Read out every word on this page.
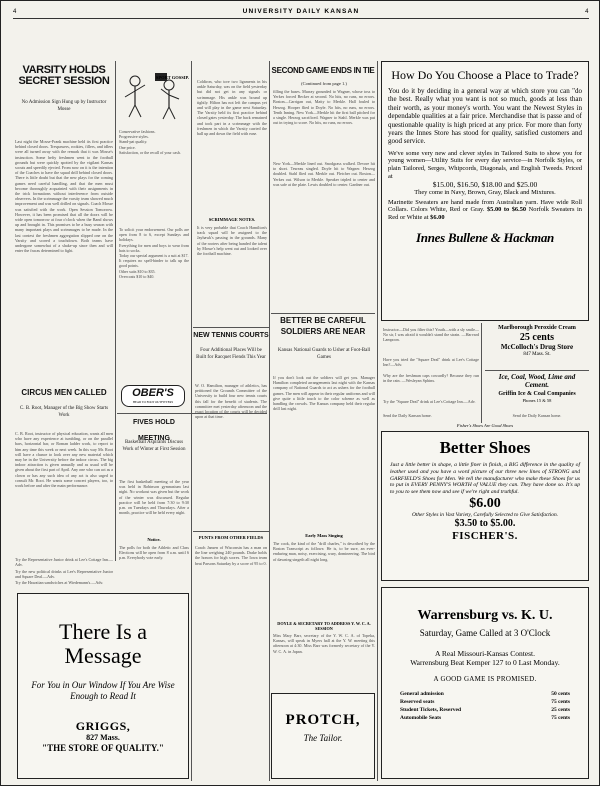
4	UNIVERSITY DAILY KANSAN	4
VARSITY HOLDS SECRET SESSION
No Admission Sign Hung up by Instructor Mosse
Last night the Mosse-Frank machine held its first practice behind closed doors. Trespassers, rookies, fillers, and idlers were all turned away with the remark that it was Mosse's instruction. Some hefty freshmen went to the football grounds but were quickly spotted by the vigilant Kansas scouts and speedily ejected. From now on it is the intention of the Coaches to have the squad drill behind closed doors. There is little doubt but that the new plays for the coming games need careful handling, and that the men must become thoroughly acquainted with their assignments in the trick formations without interference from outside observers. In the scrimmage the varsity team showed much improvement and was well drilled on signals. Coach Mosse was satisfied with the work. Open Session Tomorrow. However, it has been promised that all the doors will be wide open tomorrow at four o'clock when the Band shows up and brought in. This promises to be a busy season with many important plays and scrimmages to be made. In the last contest the freshmen aggregation slipped one on the Varsity and scored a touchdown. Both teams have undergone somewhat of a shake-up since then and will enter the fracas determined to fight.
CIRCUS MEN CALLED
C. B. Root, Manager of the Big Show Starts Work
C. B. Root, instructor of physical education, wants all men who have any experience at tumbling, or on the parallel bars, horizontal bar, or Roman ladder work, to report to him any time this week or next week. In this way Mr. Root will have a chance to look over any new material which may be in the University before the indoor circus. The big indoor attraction is given annually and as usual will be given about the first part of April. Any one who can act as a clown or has any such idea of any act is also urged to consult Mr. Root. He wants some concert players, too, to work before and after the main performance.
Try the Representative Junior drink at Lee's Cottage Inn.—Adv.
Try the new political drinks at Lee's Representative Junior and Square Deal.—Adv.
Try the Hawaiian sandwiches at Wiedemann's.—Adv.
SPORT GOSSIP.
Conservative fashions.
Progressive styles.
Stand-pat quality.
One price.
Satisfaction, or the recall of your cash.
Coldiron, who tore two ligaments in his ankle Saturday, was on the field yesterday but did not get in any signals or scrimmage. His ankle was bound up tightly. Hilton has not left the campus yet and will play in the game next Saturday. The Varsity held its first practice behind closed gates yesterday. The back remained and took part in a scrimmage with the freshmen in which the Varsity carried the ball up and down the field with ease.
SCRIMMAGE NOTES.
It is very probable that Coach Hamilton's track squad will be assigned to the Jayhawk's passing in the grounds. Many of the rooters after being handed the talent by Mosse's help went out and looked over the football machine.
To solicit your endorsement. Our polls are open from 8 to 6, except Sundays and holidays.
Everything for men and boys to wear from hats to socks.
Today our special argument is a suit at $17.
It requires no spell-binder to talk up the good points.
Other suits $10 to $35.
Overcoats $10 to $40.
OBER'S
HEAD TO FOOT OUTFITTERS
FIVES HOLD MEETING
Basketball Aspirants Discuss Work of Winter at First Session
The first basketball meeting of the year was held in Robinson gymnasium last night. No workout was given but the work of the winter was discussed. Regular practice will be held from 7:30 to 9:30 p.m. on Tuesdays and Thursdays. After a month, practice will be held every night.
Notice.
The polls for both the Athletic and Class Elections will be open from 8 a.m. until 6 p.m. Everybody vote early.
There Is a Message
For You in Our Window If You Are Wise Enough to Read It
GRIGGS,
827 Mass.
"THE STORE OF QUALITY."
SECOND GAME ENDS IN TIE
(Continued from page 1.)
filling the bases. Murray grounded to Wagner, whose toss to Yerkes forced Becker at second. No hits, no runs, no errors. Boston—Carrigan out, Matty to Merkle. Hall fouled to Herzog. Hooper flied to Doyle. No hits, no runs, no errors. Tenth Inning. New York—Merkle hit the first ball pitched for a single. Herzog sacrificed. Wagner to Stahl. Merkle was put out in trying to score. No hits, no runs, no errors.
New York—Merkle lined out. Snodgrass walked. Devore hit to short. Tesreau singled. Doyle hit to Wagner. Herzog doubled. Stahl flied out. Merkle out. Fletcher out. Boston—Yerkes out. Wilson to Merkle. Speaker tripled to center and was safe at the plate. Lewis doubled to center. Gardner out.
BETTER BE CAREFUL SOLDIERS ARE NEAR
Kansas National Guards to Usher at Foot-Ball Games
If you don't look out the soldiers will get you. Manager Hamilton completed arrangements last night with the Kansas company of National Guards to act as ushers for the football games. The men will appear in their regular uniforms and will give quite a little touch to the color scheme as well as handling the crowds. The Kansas company held their regular drill last night.
Early Mass Singing
The cook, the kind of the "drill charles," is described by the Boston Transcript as follows: He is, to be sure, an ever-enduring man, noisy, exercising, wary, domineering. The bird of dawning singeth all night long.
DOYLE & SECRETARY TO ADDRESS Y. W. C. A. SESSION
Miss Mary Barr, secretary of the Y. W. C. A. of Topeka, Kansas, will speak in Myers hall at the Y. W. meeting this afternoon at 4:30. Miss Barr was formerly secretary of the Y. W. C. A. in Japan.
NEW TENNIS COURTS
Four Additional Places Will be Built for Racquet Fiends This Year
W. O. Hamilton, manager of athletics, has petitioned the Grounds Committee of the University to build four new tennis courts this fall for the benefit of students. The committee met yesterday afternoon and the exact location of the courts will be decided upon at that time.
PUNTS FROM OTHER FIELDS
Coach Jansen of Wisconsin has a man on the line weighing 240 pounds. Drake holds the honors for high scores. The Iowa team beat Parsons Saturday by a score of 95 to 0.
PROTCH,
The Tailor.
How Do You Choose a Place to Trade?
You do it by deciding in a general way at which store you can "do the best. Really what you want is not so much, goods at less than their worth, as your money's worth. You want the Newest Styles in dependable qualities at a fair price. Merchandise that is passe and of questionable quality is high priced at any price. For more than forty years the Innes Store has stood for quality, satisfied customers and good service.
We've some very new and clever styles in Tailored Suits to show you for young women—Utility Suits for every day service—in Norfolk Styles, or plain Tailored, Serges, Whipcords, Diagonals, and English Tweeds. Priced at
$15.00, $16.50, $18.00 and $25.00
They come in Navy, Brown, Gray, Black and Mixtures.
Marinette Sweaters are hand made from Australian yarn. Have wide Roll Collars. Colors White, Red or Gray. $5.00 to $6.50 Norfolk Sweaters in Red or White at $6.00
Innes Bullene & Hackman
Instructor—Did you filter this? Youth—with a sly smile—No sir, I was afraid it wouldn't stand the strain. —Harvard Lampoon.
Have you tried the "Square Deal" drink at Lee's Cottage Inn?—Adv.
Why are the freshman caps cowardly? Because they run in the rain. —Wesleyan Sphinx.
Try the "Square Deal" drink at Lee's Cottage Inn.—Adv.
Send the Daily Kansan home.
Marlborough Peroxide Cream
25 cents
McColloch's Drug Store
847 Mass. St.
Ice, Coal, Wood, Lime and Cement.
Griffin Ice & Coal Companies
Phones 15 & 58
Send the Daily Kansan home.
Fisher's Shoes Are Good Shoes
Better Shoes
Just a little better in shape, a little finer in finish, a BIG difference in the quality of leather used and you have a word picture of our three new lines of STRONG and GARFIELD'S Shoes for Men. We tell the manufacturer who make these Shoes for us to put in EVERY PENNY'S WORTH of VALUE they can. They have done so. It's up to you to see them now and see if we're right and truthful.
$6.00
Other Styles in Vast Variety, Carefully Selected to Give Satisfaction.
$3.50 to $5.00.
FISCHER'S.
Warrensburg vs. K. U.
Saturday, Game Called at 3 O'Clock
A Real Missouri-Kansas Contest.
Warrensburg Beat Kemper 127 to 0 Last Monday.
A GOOD GAME IS PROMISED.
General admission	50 cents
Reserved seats	75 cents
Student Tickets, Reserved	25 cents
Automobile Seats	75 cents
